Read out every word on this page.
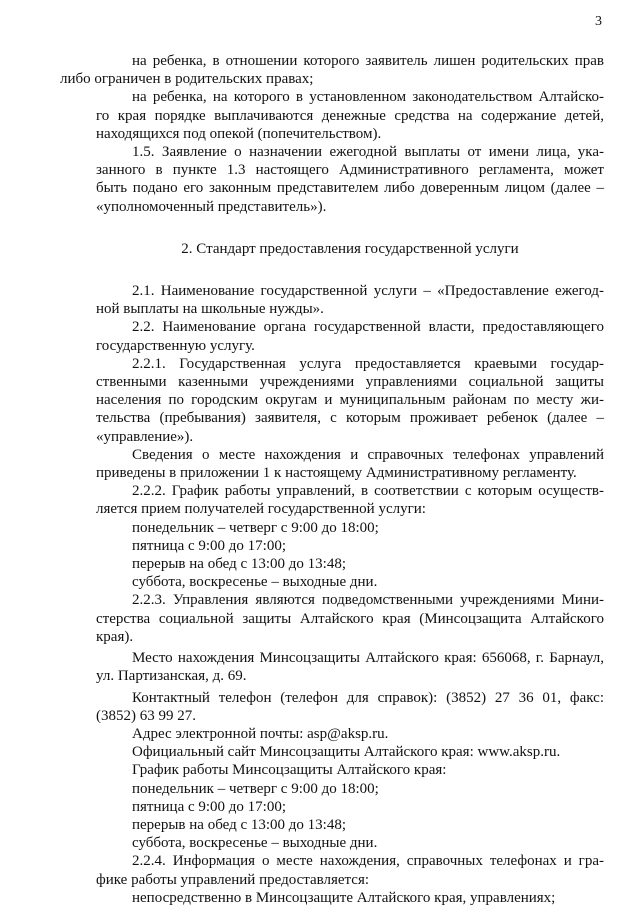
3
на ребенка, в отношении которого заявитель лишен родительских прав
либо ограничен в родительских правах;
на ребенка, на которого в установленном законодательством Алтайско-
го края порядке выплачиваются денежные средства на содержание детей,
находящихся под опекой (попечительством).
1.5. Заявление о назначении ежегодной выплаты от имени лица, ука-
занного в пункте 1.3 настоящего Административного регламента, может
быть подано его законным представителем либо доверенным лицом (далее –
«уполномоченный представитель»).
2. Стандарт предоставления государственной услуги
2.1. Наименование государственной услуги – «Предоставление ежегод-
ной выплаты на школьные нужды».
2.2. Наименование органа государственной власти, предоставляющего
государственную услугу.
2.2.1. Государственная услуга предоставляется краевыми государ-
ственными казенными учреждениями управлениями социальной защиты
населения по городским округам и муниципальным районам по месту жи-
тельства (пребывания) заявителя, с которым проживает ребенок (далее –
«управление»).
Сведения о месте нахождения и справочных телефонах управлений
приведены в приложении 1 к настоящему Административному регламенту.
2.2.2. График работы управлений, в соответствии с которым осуществ-
ляется прием получателей государственной услуги:
понедельник – четверг с 9:00 до 18:00;
пятница с 9:00 до 17:00;
перерыв на обед с 13:00 до 13:48;
суббота, воскресенье – выходные дни.
2.2.3. Управления являются подведомственными учреждениями Мини-
стерства социальной защиты Алтайского края (Минсоцзащита Алтайского
края).
Место нахождения Минсоцзащиты Алтайского края: 656068, г. Барнаул,
ул. Партизанская, д. 69.
Контактный телефон (телефон для справок): (3852) 27 36 01, факс:
(3852) 63 99 27.
Адрес электронной почты: asp@aksp.ru.
Официальный сайт Минсоцзащиты Алтайского края: www.aksp.ru.
График работы Минсоцзащиты Алтайского края:
понедельник – четверг с 9:00 до 18:00;
пятница с 9:00 до 17:00;
перерыв на обед с 13:00 до 13:48;
суббота, воскресенье – выходные дни.
2.2.4. Информация о месте нахождения, справочных телефонах и гра-
фике работы управлений предоставляется:
непосредственно в Минсоцзащите Алтайского края, управлениях;
